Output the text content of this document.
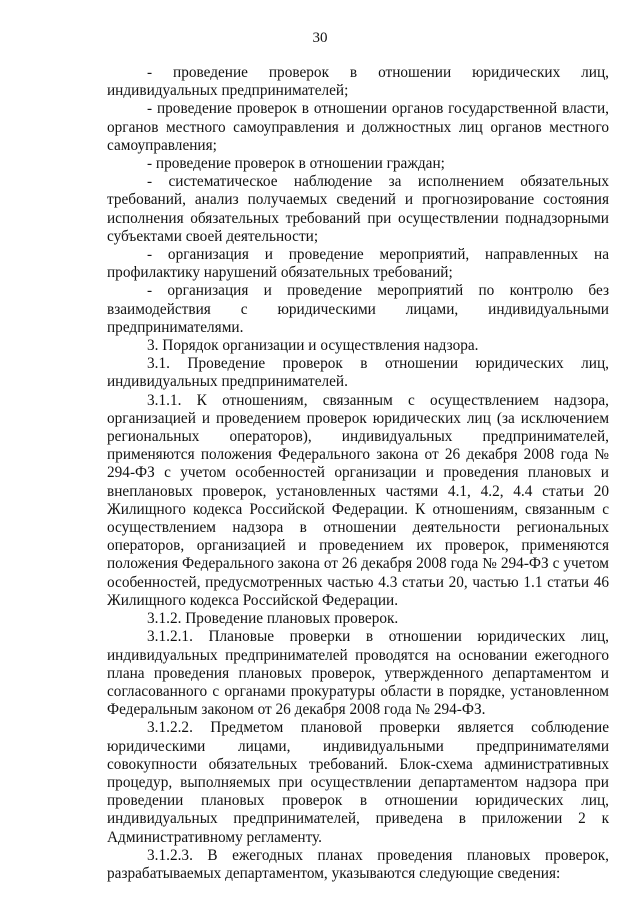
30

- проведение проверок в отношении юридических лиц, индивидуальных предпринимателей;

- проведение проверок в отношении органов государственной власти, органов местного самоуправления и должностных лиц органов местного самоуправления;

- проведение проверок в отношении граждан;

- систематическое наблюдение за исполнением обязательных требований, анализ получаемых сведений и прогнозирование состояния исполнения обязательных требований при осуществлении поднадзорными субъектами своей деятельности;

- организация и проведение мероприятий, направленных на профилактику нарушений обязательных требований;

- организация и проведение мероприятий по контролю без взаимодействия с юридическими лицами, индивидуальными предпринимателями.

3. Порядок организации и осуществления надзора.

3.1. Проведение проверок в отношении юридических лиц, индивидуальных предпринимателей.

3.1.1. К отношениям, связанным с осуществлением надзора, организацией и проведением проверок юридических лиц (за исключением региональных операторов), индивидуальных предпринимателей, применяются положения Федерального закона от 26 декабря 2008 года № 294-ФЗ с учетом особенностей организации и проведения плановых и внеплановых проверок, установленных частями 4.1, 4.2, 4.4 статьи 20 Жилищного кодекса Российской Федерации. К отношениям, связанным с осуществлением надзора в отношении деятельности региональных операторов, организацией и проведением их проверок, применяются положения Федерального закона от 26 декабря 2008 года № 294-ФЗ с учетом особенностей, предусмотренных частью 4.3 статьи 20, частью 1.1 статьи 46 Жилищного кодекса Российской Федерации.

3.1.2. Проведение плановых проверок.

3.1.2.1. Плановые проверки в отношении юридических лиц, индивидуальных предпринимателей проводятся на основании ежегодного плана проведения плановых проверок, утвержденного департаментом и согласованного с органами прокуратуры области в порядке, установленном Федеральным законом от 26 декабря 2008 года № 294-ФЗ.

3.1.2.2. Предметом плановой проверки является соблюдение юридическими лицами, индивидуальными предпринимателями совокупности обязательных требований. Блок-схема административных процедур, выполняемых при осуществлении департаментом надзора при проведении плановых проверок в отношении юридических лиц, индивидуальных предпринимателей, приведена в приложении 2 к Административному регламенту.

3.1.2.3. В ежегодных планах проведения плановых проверок, разрабатываемых департаментом, указываются следующие сведения:
